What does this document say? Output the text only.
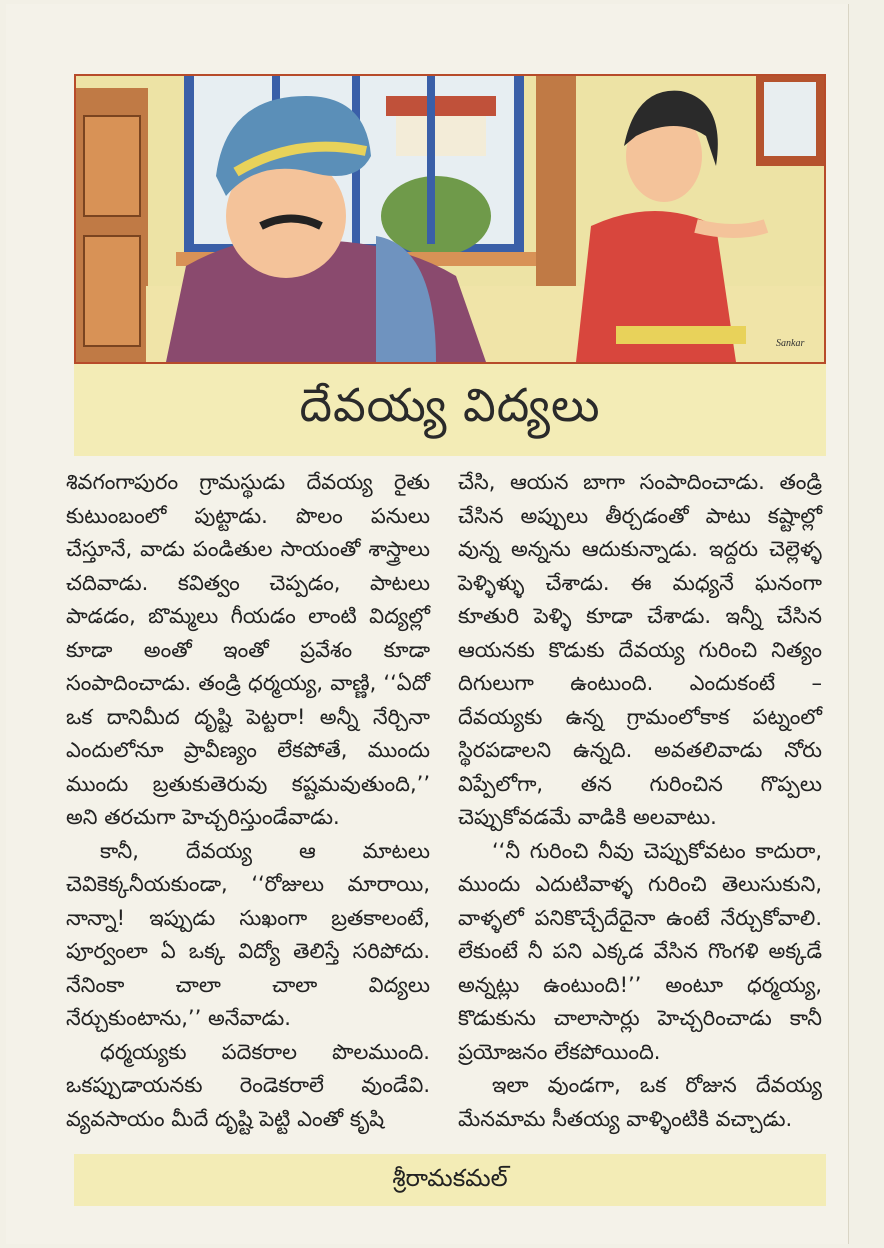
Sankar
దేవయ్య విద్యలు

శివగంగాపురం గ్రామస్థుడు దేవయ్య రైతు కుటుంబంలో పుట్టాడు. పొలం పనులు చేస్తూనే, వాడు పండితుల సాయంతో శాస్త్రాలు చదివాడు. కవిత్వం చెప్పడం, పాటలు పాడడం, బొమ్మలు గీయడం లాంటి విద్యల్లో కూడా అంతో ఇంతో ప్రవేశం కూడా సంపాదించాడు. తండ్రి ధర్మయ్య, వాణ్ణి, ‘‘ఏదో ఒక దానిమీద దృష్టి పెట్టరా! అన్నీ నేర్చినా ఎందులోనూ ప్రావీణ్యం లేకపోతే, ముందు ముందు బ్రతుకుతెరువు కష్టమవుతుంది,’’ అని తరచుగా హెచ్చరిస్తుండేవాడు.

కానీ, దేవయ్య ఆ మాటలు చెవికెక్కనీయకుండా, ‘‘రోజులు మారాయి, నాన్నా! ఇప్పుడు సుఖంగా బ్రతకాలంటే, పూర్వంలా ఏ ఒక్క విద్యో తెలిస్తే సరిపోదు. నేనింకా చాలా చాలా విద్యలు నేర్చుకుంటాను,’’ అనేవాడు.

ధర్మయ్యకు పదెకరాల పొలముంది. ఒకప్పుడాయనకు రెండెకరాలే వుండేవి. వ్యవసాయం మీదే దృష్టి పెట్టి ఎంతో కృషి

చేసి, ఆయన బాగా సంపాదించాడు. తండ్రి చేసిన అప్పులు తీర్చడంతో పాటు కష్టాల్లో వున్న అన్నను ఆదుకున్నాడు. ఇద్దరు చెల్లెళ్ళ పెళ్ళిళ్ళు చేశాడు. ఈ మధ్యనే ఘనంగా కూతురి పెళ్ళి కూడా చేశాడు. ఇన్నీ చేసిన ఆయనకు కొడుకు దేవయ్య గురించి నిత్యం దిగులుగా ఉంటుంది. ఎందుకంటే – దేవయ్యకు ఉన్న గ్రామంలోకాక పట్నంలో స్థిరపడాలని ఉన్నది. అవతలివాడు నోరు విప్పేలోగా, తన గురించిన గొప్పలు చెప్పుకోవడమే వాడికి అలవాటు.

‘‘నీ గురించి నీవు చెప్పుకోవటం కాదురా, ముందు ఎదుటివాళ్ళ గురించి తెలుసుకుని, వాళ్ళలో పనికొచ్చేదేదైనా ఉంటే నేర్చుకోవాలి. లేకుంటే నీ పని ఎక్కడ వేసిన గొంగళి అక్కడే అన్నట్లు ఉంటుంది!’’ అంటూ ధర్మయ్య, కొడుకును చాలాసార్లు హెచ్చరించాడు కానీ ప్రయోజనం లేకపోయింది.

ఇలా వుండగా, ఒక రోజున దేవయ్య మేనమామ సీతయ్య వాళ్ళింటికి వచ్చాడు.

శ్రీరామకమల్
